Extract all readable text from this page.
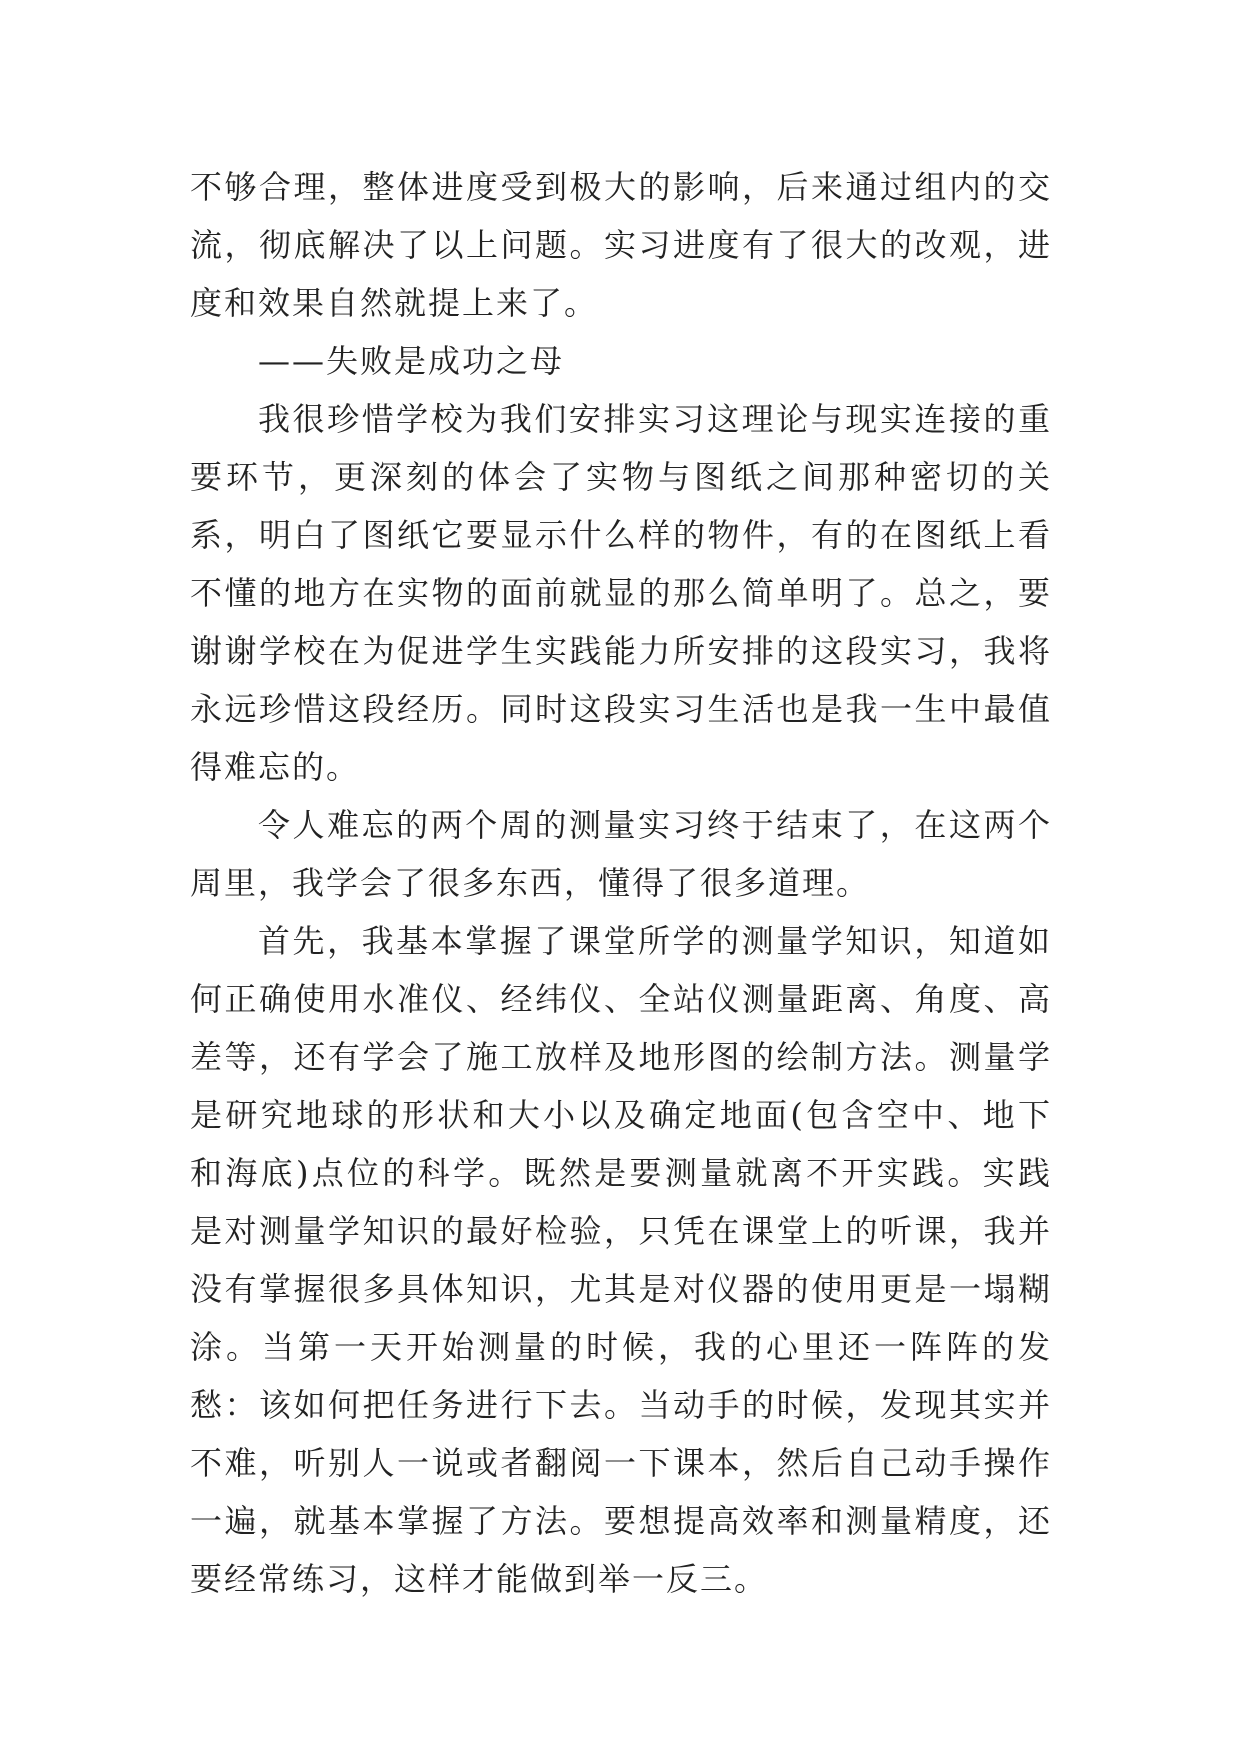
不够合理，整体进度受到极大的影响，后来通过组内的交流，彻底解决了以上问题。实习进度有了很大的改观，进度和效果自然就提上来了。

——失败是成功之母

我很珍惜学校为我们安排实习这理论与现实连接的重要环节，更深刻的体会了实物与图纸之间那种密切的关系，明白了图纸它要显示什么样的物件，有的在图纸上看不懂的地方在实物的面前就显的那么简单明了。总之，要谢谢学校在为促进学生实践能力所安排的这段实习，我将永远珍惜这段经历。同时这段实习生活也是我一生中最值得难忘的。

令人难忘的两个周的测量实习终于结束了，在这两个周里，我学会了很多东西，懂得了很多道理。

首先，我基本掌握了课堂所学的测量学知识，知道如何正确使用水准仪、经纬仪、全站仪测量距离、角度、高差等，还有学会了施工放样及地形图的绘制方法。测量学是研究地球的形状和大小以及确定地面(包含空中、地下和海底)点位的科学。既然是要测量就离不开实践。实践是对测量学知识的最好检验，只凭在课堂上的听课，我并没有掌握很多具体知识，尤其是对仪器的使用更是一塌糊涂。当第一天开始测量的时候，我的心里还一阵阵的发愁：该如何把任务进行下去。当动手的时候，发现其实并不难，听别人一说或者翻阅一下课本，然后自己动手操作一遍，就基本掌握了方法。要想提高效率和测量精度，还要经常练习，这样才能做到举一反三。
